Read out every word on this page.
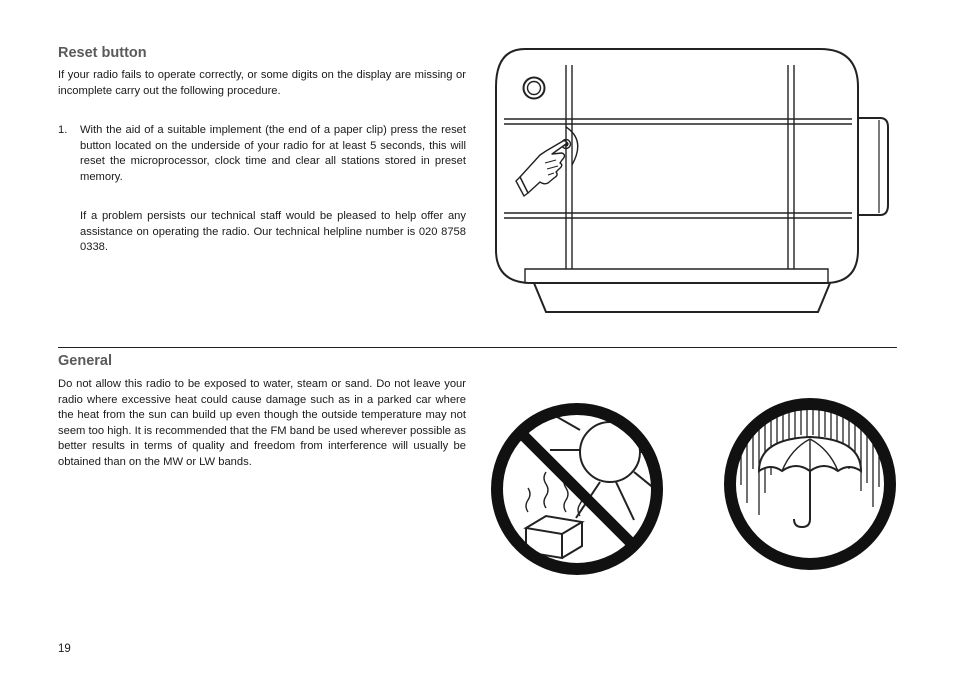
Reset button

If your radio fails to operate correctly, or some digits on the display are missing or incomplete carry out the following procedure.

1. With the aid of a suitable implement (the end of a paper clip) press the reset button located on the underside of your radio for at least 5 seconds, this will reset the microprocessor, clock time and clear all stations stored in preset memory.

If a problem persists our technical staff would be pleased to help offer any assistance on operating the radio. Our technical helpline number is 020 8758 0338.

General

Do not allow this radio to be exposed to water, steam or sand. Do not leave your radio where excessive heat could cause damage such as in a parked car where the heat from the sun can build up even though the outside temperature may not seem too high. It is recommended that the FM band be used wherever possible as better results in terms of quality and freedom from interference will usually be obtained than on the MW or LW bands.

19
